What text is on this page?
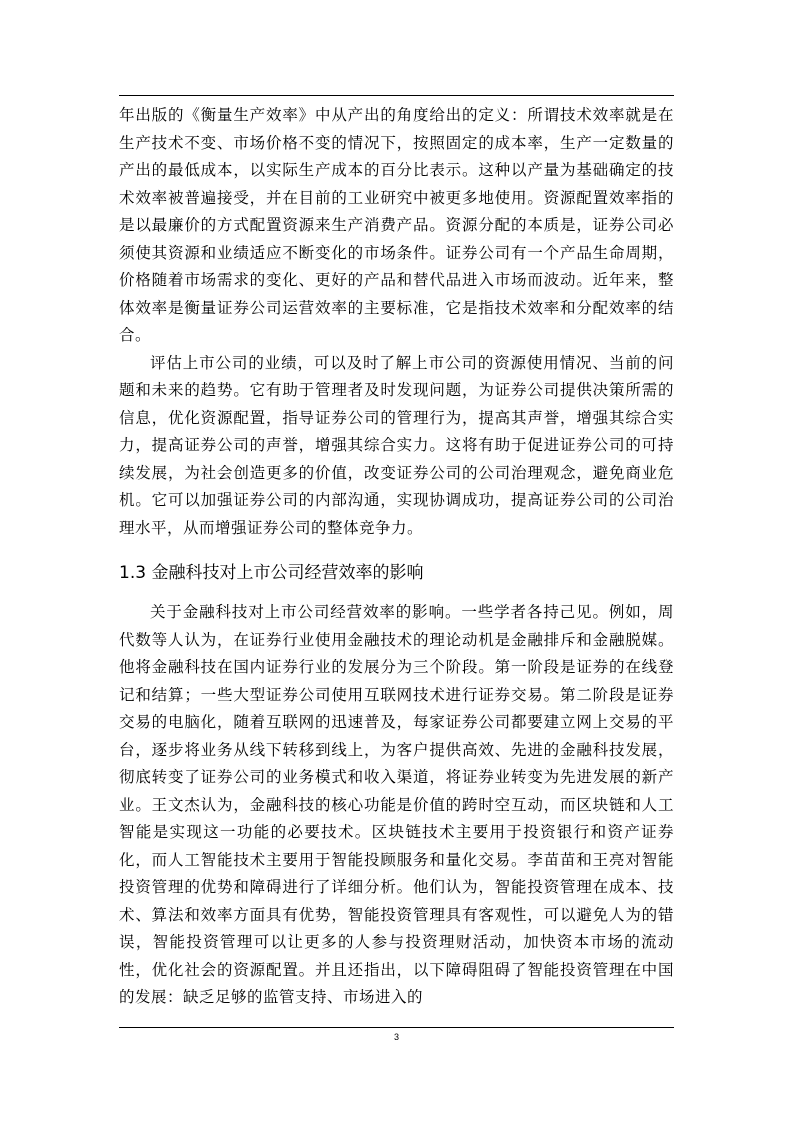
年出版的《衡量生产效率》中从产出的角度给出的定义：所谓技术效率就是在生产技术不变、市场价格不变的情况下，按照固定的成本率，生产一定数量的产出的最低成本，以实际生产成本的百分比表示。这种以产量为基础确定的技术效率被普遍接受，并在目前的工业研究中被更多地使用。资源配置效率指的是以最廉价的方式配置资源来生产消费产品。资源分配的本质是，证券公司必须使其资源和业绩适应不断变化的市场条件。证券公司有一个产品生命周期，价格随着市场需求的变化、更好的产品和替代品进入市场而波动。近年来，整体效率是衡量证券公司运营效率的主要标准，它是指技术效率和分配效率的结合。

评估上市公司的业绩，可以及时了解上市公司的资源使用情况、当前的问题和未来的趋势。它有助于管理者及时发现问题，为证券公司提供决策所需的信息，优化资源配置，指导证券公司的管理行为，提高其声誉，增强其综合实力，提高证券公司的声誉，增强其综合实力。这将有助于促进证券公司的可持续发展，为社会创造更多的价值，改变证券公司的公司治理观念，避免商业危机。它可以加强证券公司的内部沟通，实现协调成功，提高证券公司的公司治理水平，从而增强证券公司的整体竞争力。

1.3 金融科技对上市公司经营效率的影响

关于金融科技对上市公司经营效率的影响。一些学者各持己见。例如，周代数等人认为，在证券行业使用金融技术的理论动机是金融排斥和金融脱媒。他将金融科技在国内证券行业的发展分为三个阶段。第一阶段是证券的在线登记和结算；一些大型证券公司使用互联网技术进行证券交易。第二阶段是证券交易的电脑化，随着互联网的迅速普及，每家证券公司都要建立网上交易的平台，逐步将业务从线下转移到线上，为客户提供高效、先进的金融科技发展，彻底转变了证券公司的业务模式和收入渠道，将证券业转变为先进发展的新产业。王文杰认为，金融科技的核心功能是价值的跨时空互动，而区块链和人工智能是实现这一功能的必要技术。区块链技术主要用于投资银行和资产证券化，而人工智能技术主要用于智能投顾服务和量化交易。李苗苗和王亮对智能投资管理的优势和障碍进行了详细分析。他们认为，智能投资管理在成本、技术、算法和效率方面具有优势，智能投资管理具有客观性，可以避免人为的错误，智能投资管理可以让更多的人参与投资理财活动，加快资本市场的流动性，优化社会的资源配置。并且还指出，以下障碍阻碍了智能投资管理在中国的发展：缺乏足够的监管支持、市场进入的

3
